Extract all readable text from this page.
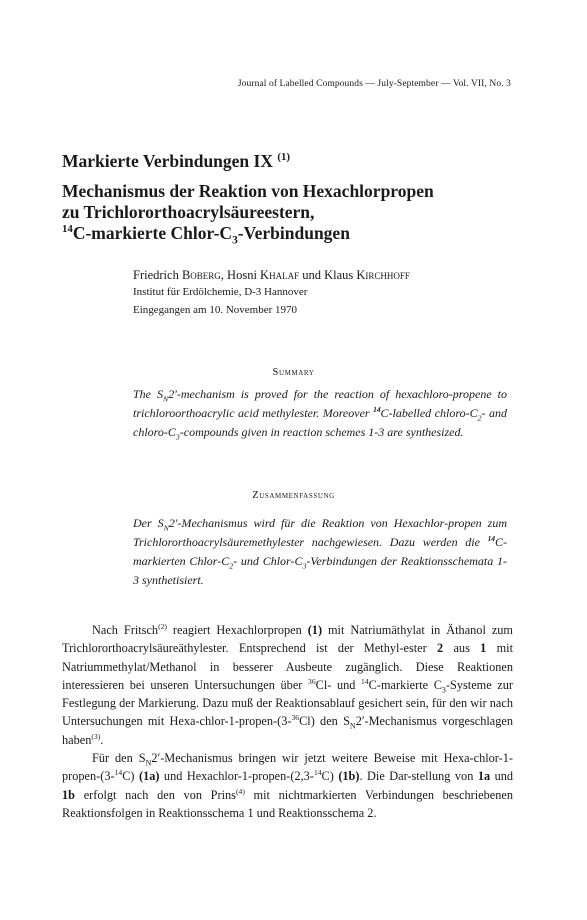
Journal of Labelled Compounds — July-September — Vol. VII, No. 3
Markierte Verbindungen IX $^{(1)}$
Mechanismus der Reaktion von Hexachlorpropen
zu Trichlororthoacrylsäureestern,
$^{14}$C-markierte Chlor-$C_3$-Verbindungen
Friedrich Boberg, Hosni Khalaf und Klaus Kirchhoff
Institut für Erdölchemie, D-3 Hannover
Eingegangen am 10. November 1970
Summary
The $S_N2'$-mechanism is proved for the reaction of hexachloro-propene to trichloroorthoacrylic acid methylester. Moreover $^{14}$C-labelled chloro-$C_2-$ and chloro-$C_3$-compounds given in reaction schemes 1-3 are synthesized.
Zusammenfassung
Der $S_N2'$-Mechanismus wird für die Reaktion von Hexachlor-propen zum Trichlororthoacrylsäuremethylester nachgewiesen. Dazu werden die $^{14}$C-markierten Chlor-$C_2-$ und Chlor-$C_3$-Verbindungen der Reaktionsschemata 1-3 synthetisiert.

Nach Fritsch$^{(2)}$ reagiert Hexachlorpropen (1) mit Natriumäthylat in Äthanol zum Trichlororthoacrylsäureäthylester. Entsprechend ist der Methyl-ester 2 aus 1 mit Natriummethylat/Methanol in besserer Ausbeute zugänglich. Diese Reaktionen interessieren bei unseren Untersuchungen über $^{36}$Cl- und $^{14}$C-markierte $C_3$-Systeme zur Festlegung der Markierung. Dazu muß der Reaktionsablauf gesichert sein, für den wir nach Untersuchungen mit Hexa-chlor-1-propen-(3-$^{36}$Cl) den $S_N2'$-Mechanismus vorgeschlagen haben$^{(3)}$.

Für den $S_N2'$-Mechanismus bringen wir jetzt weitere Beweise mit Hexa-chlor-1-propen-(3-$^{14}$C) (1a) und Hexachlor-1-propen-(2,3-$^{14}$C) (1b). Die Dar-stellung von 1a und 1b erfolgt nach den von Prins$^{(4)}$ mit nichtmarkierten Verbindungen beschriebenen Reaktionsfolgen in Reaktionsschema 1 und Reaktionsschema 2.
